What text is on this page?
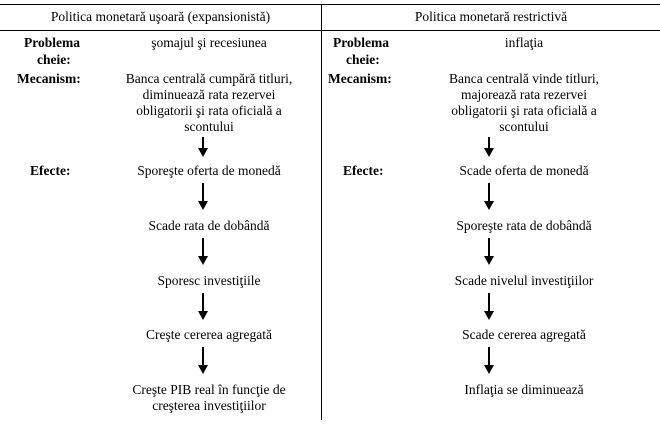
Politica monetară uşoară (expansionistă)	Politica monetară restrictivă
Problema
cheie:
Mecanism:
Efecte:
Problema
cheie:
Mecanism:
Efecte:
şomajul şi recesiunea
Banca centrală cumpără titluri,
diminuează rata rezervei
obligatorii şi rata oficială a
scontului
Sporeşte oferta de monedă
Scade rata de dobândă
Sporesc investiţiile
Creşte cererea agregată
Creşte PIB real în funcţie de
creşterea investiţiilor
inflaţia
Banca centrală vinde titluri,
majorează rata rezervei
obligatorii şi rata oficială a
scontului
Scade oferta de monedă
Sporeşte rata de dobândă
Scade nivelul investiţiilor
Scade cererea agregată
Inflaţia se diminuează
